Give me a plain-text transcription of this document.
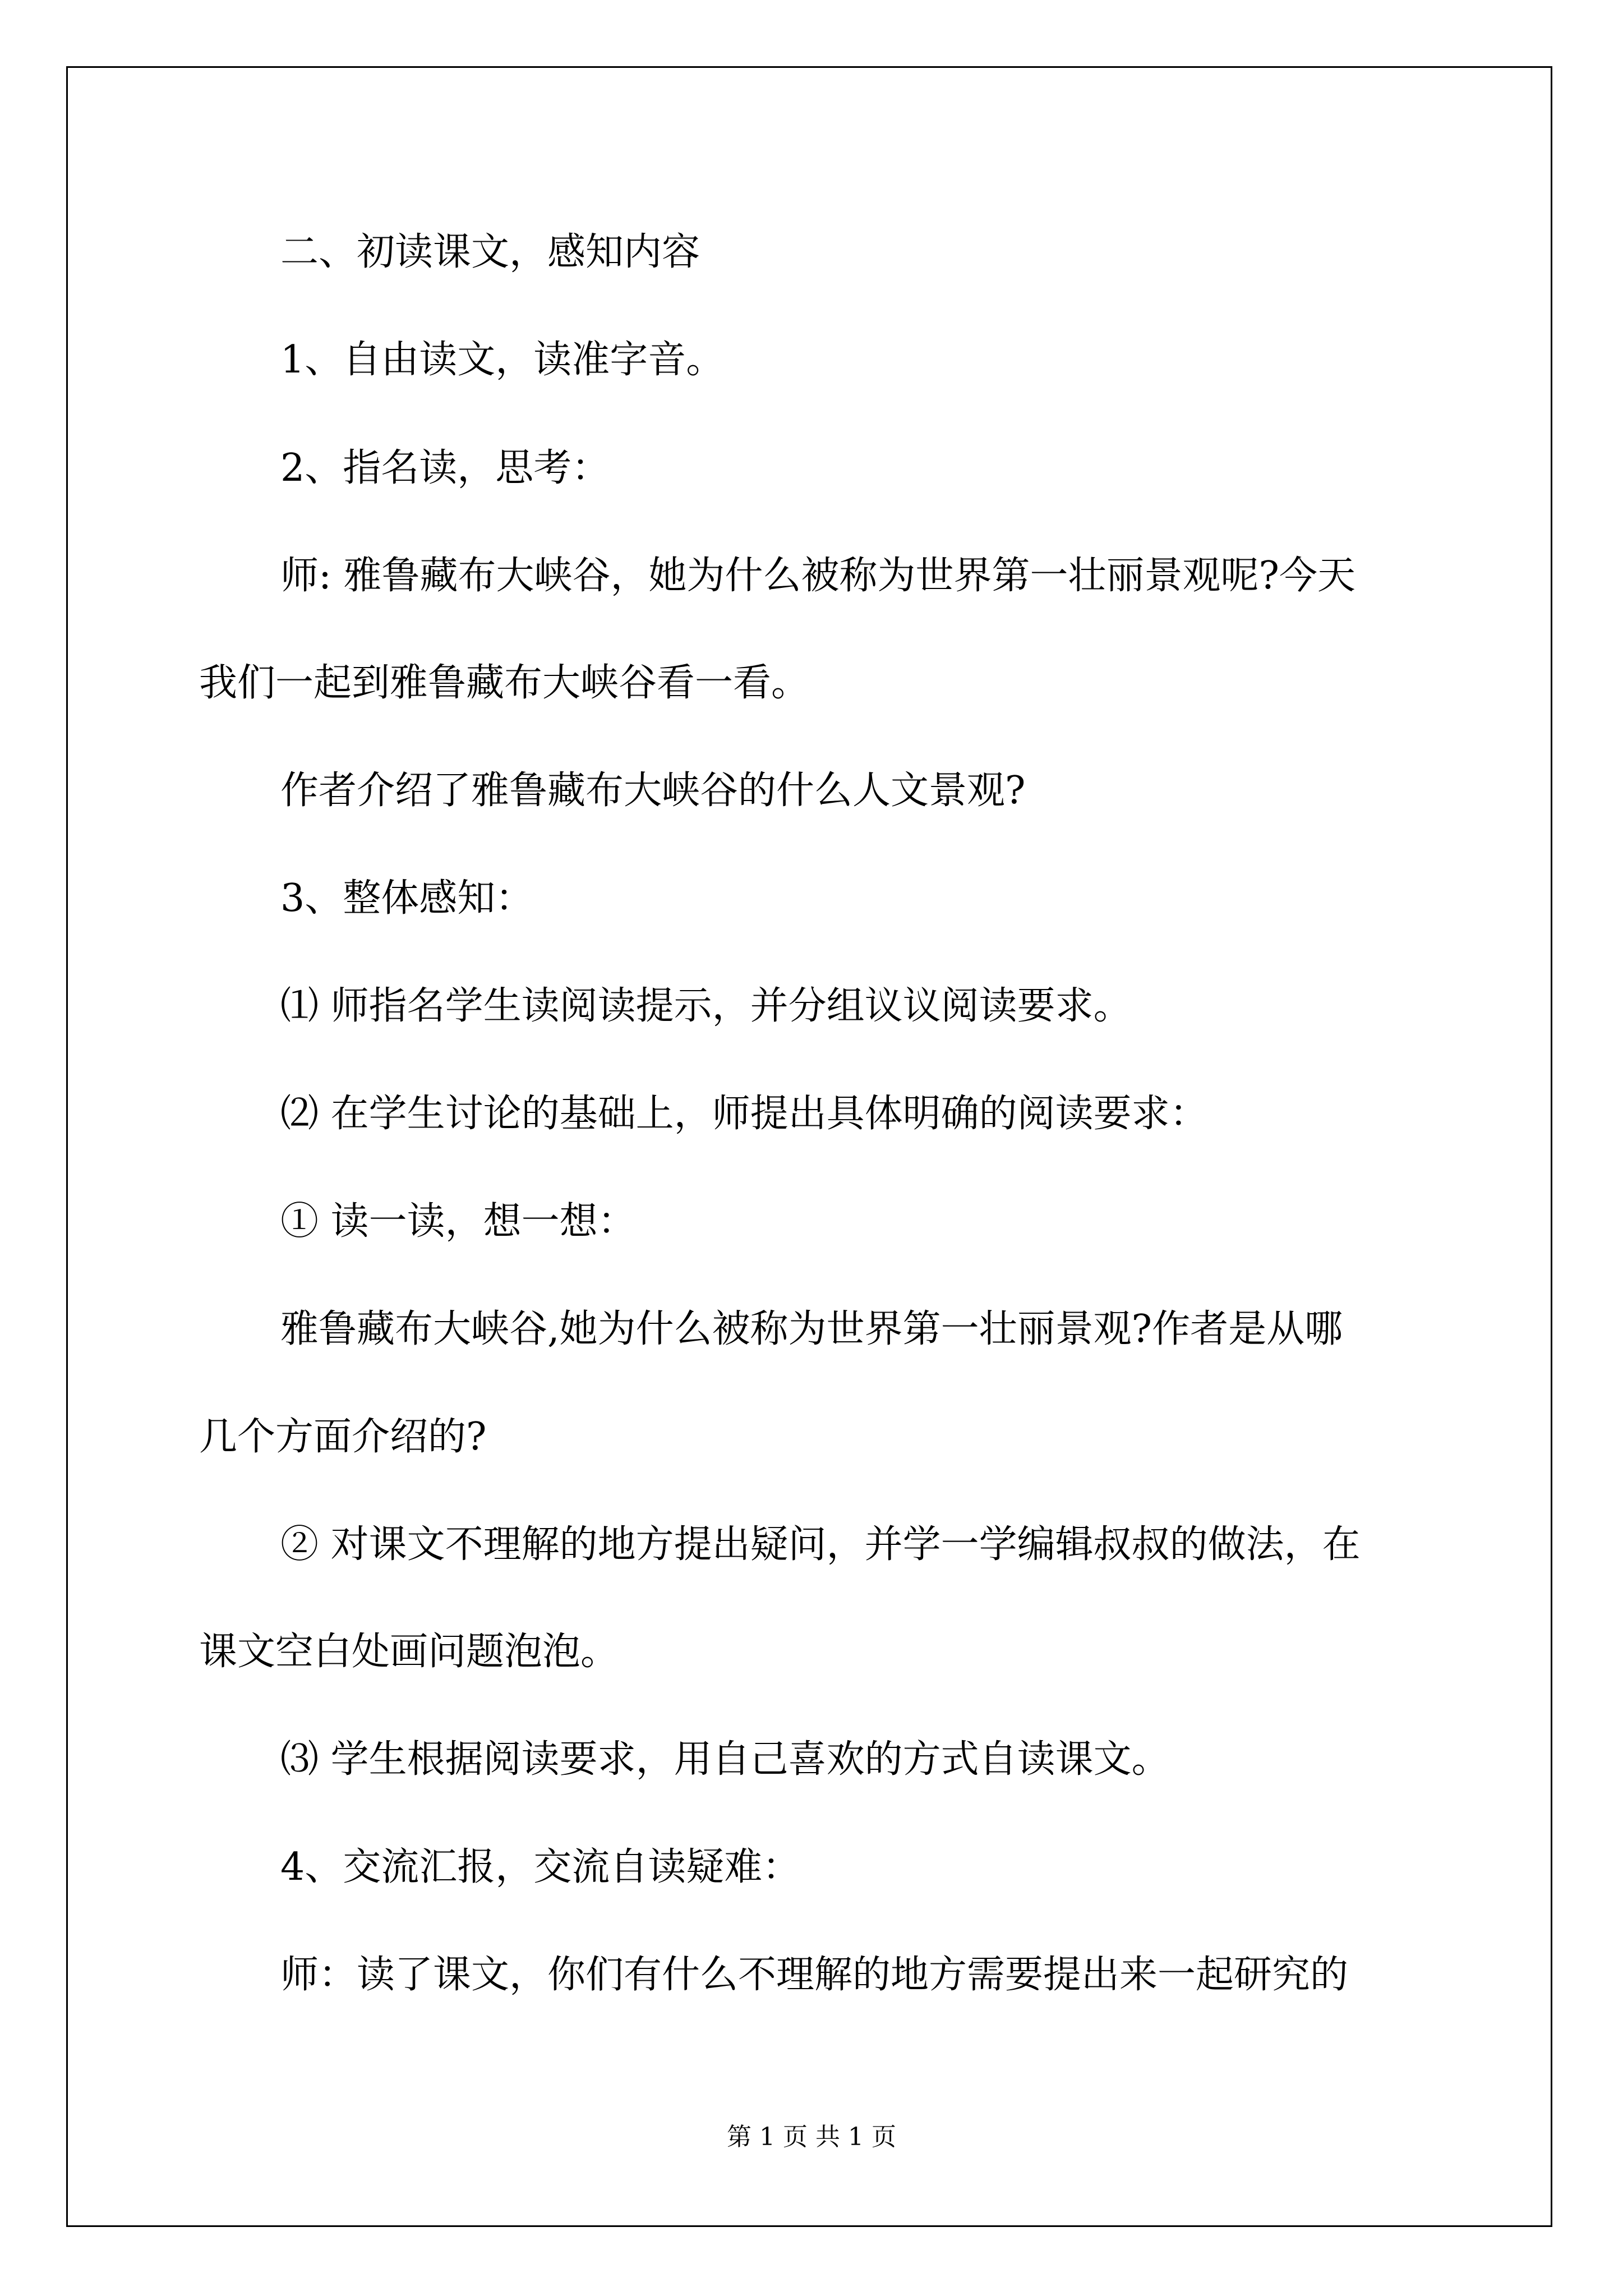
二、初读课文，感知内容
1、自由读文，读准字音。
2、指名读，思考：
师: 雅鲁藏布大峡谷，她为什么被称为世界第一壮丽景观呢?今天
我们一起到雅鲁藏布大峡谷看一看。
作者介绍了雅鲁藏布大峡谷的什么人文景观?
3、整体感知：
⑴ 师指名学生读阅读提示，并分组议议阅读要求。
⑵ 在学生讨论的基础上，师提出具体明确的阅读要求：
① 读一读，想一想：
雅鲁藏布大峡谷,她为什么被称为世界第一壮丽景观?作者是从哪
几个方面介绍的?
② 对课文不理解的地方提出疑问，并学一学编辑叔叔的做法，在
课文空白处画问题泡泡。
⑶ 学生根据阅读要求，用自己喜欢的方式自读课文。
4、交流汇报，交流自读疑难：
师：读了课文，你们有什么不理解的地方需要提出来一起研究的
第 1 页 共 1 页
